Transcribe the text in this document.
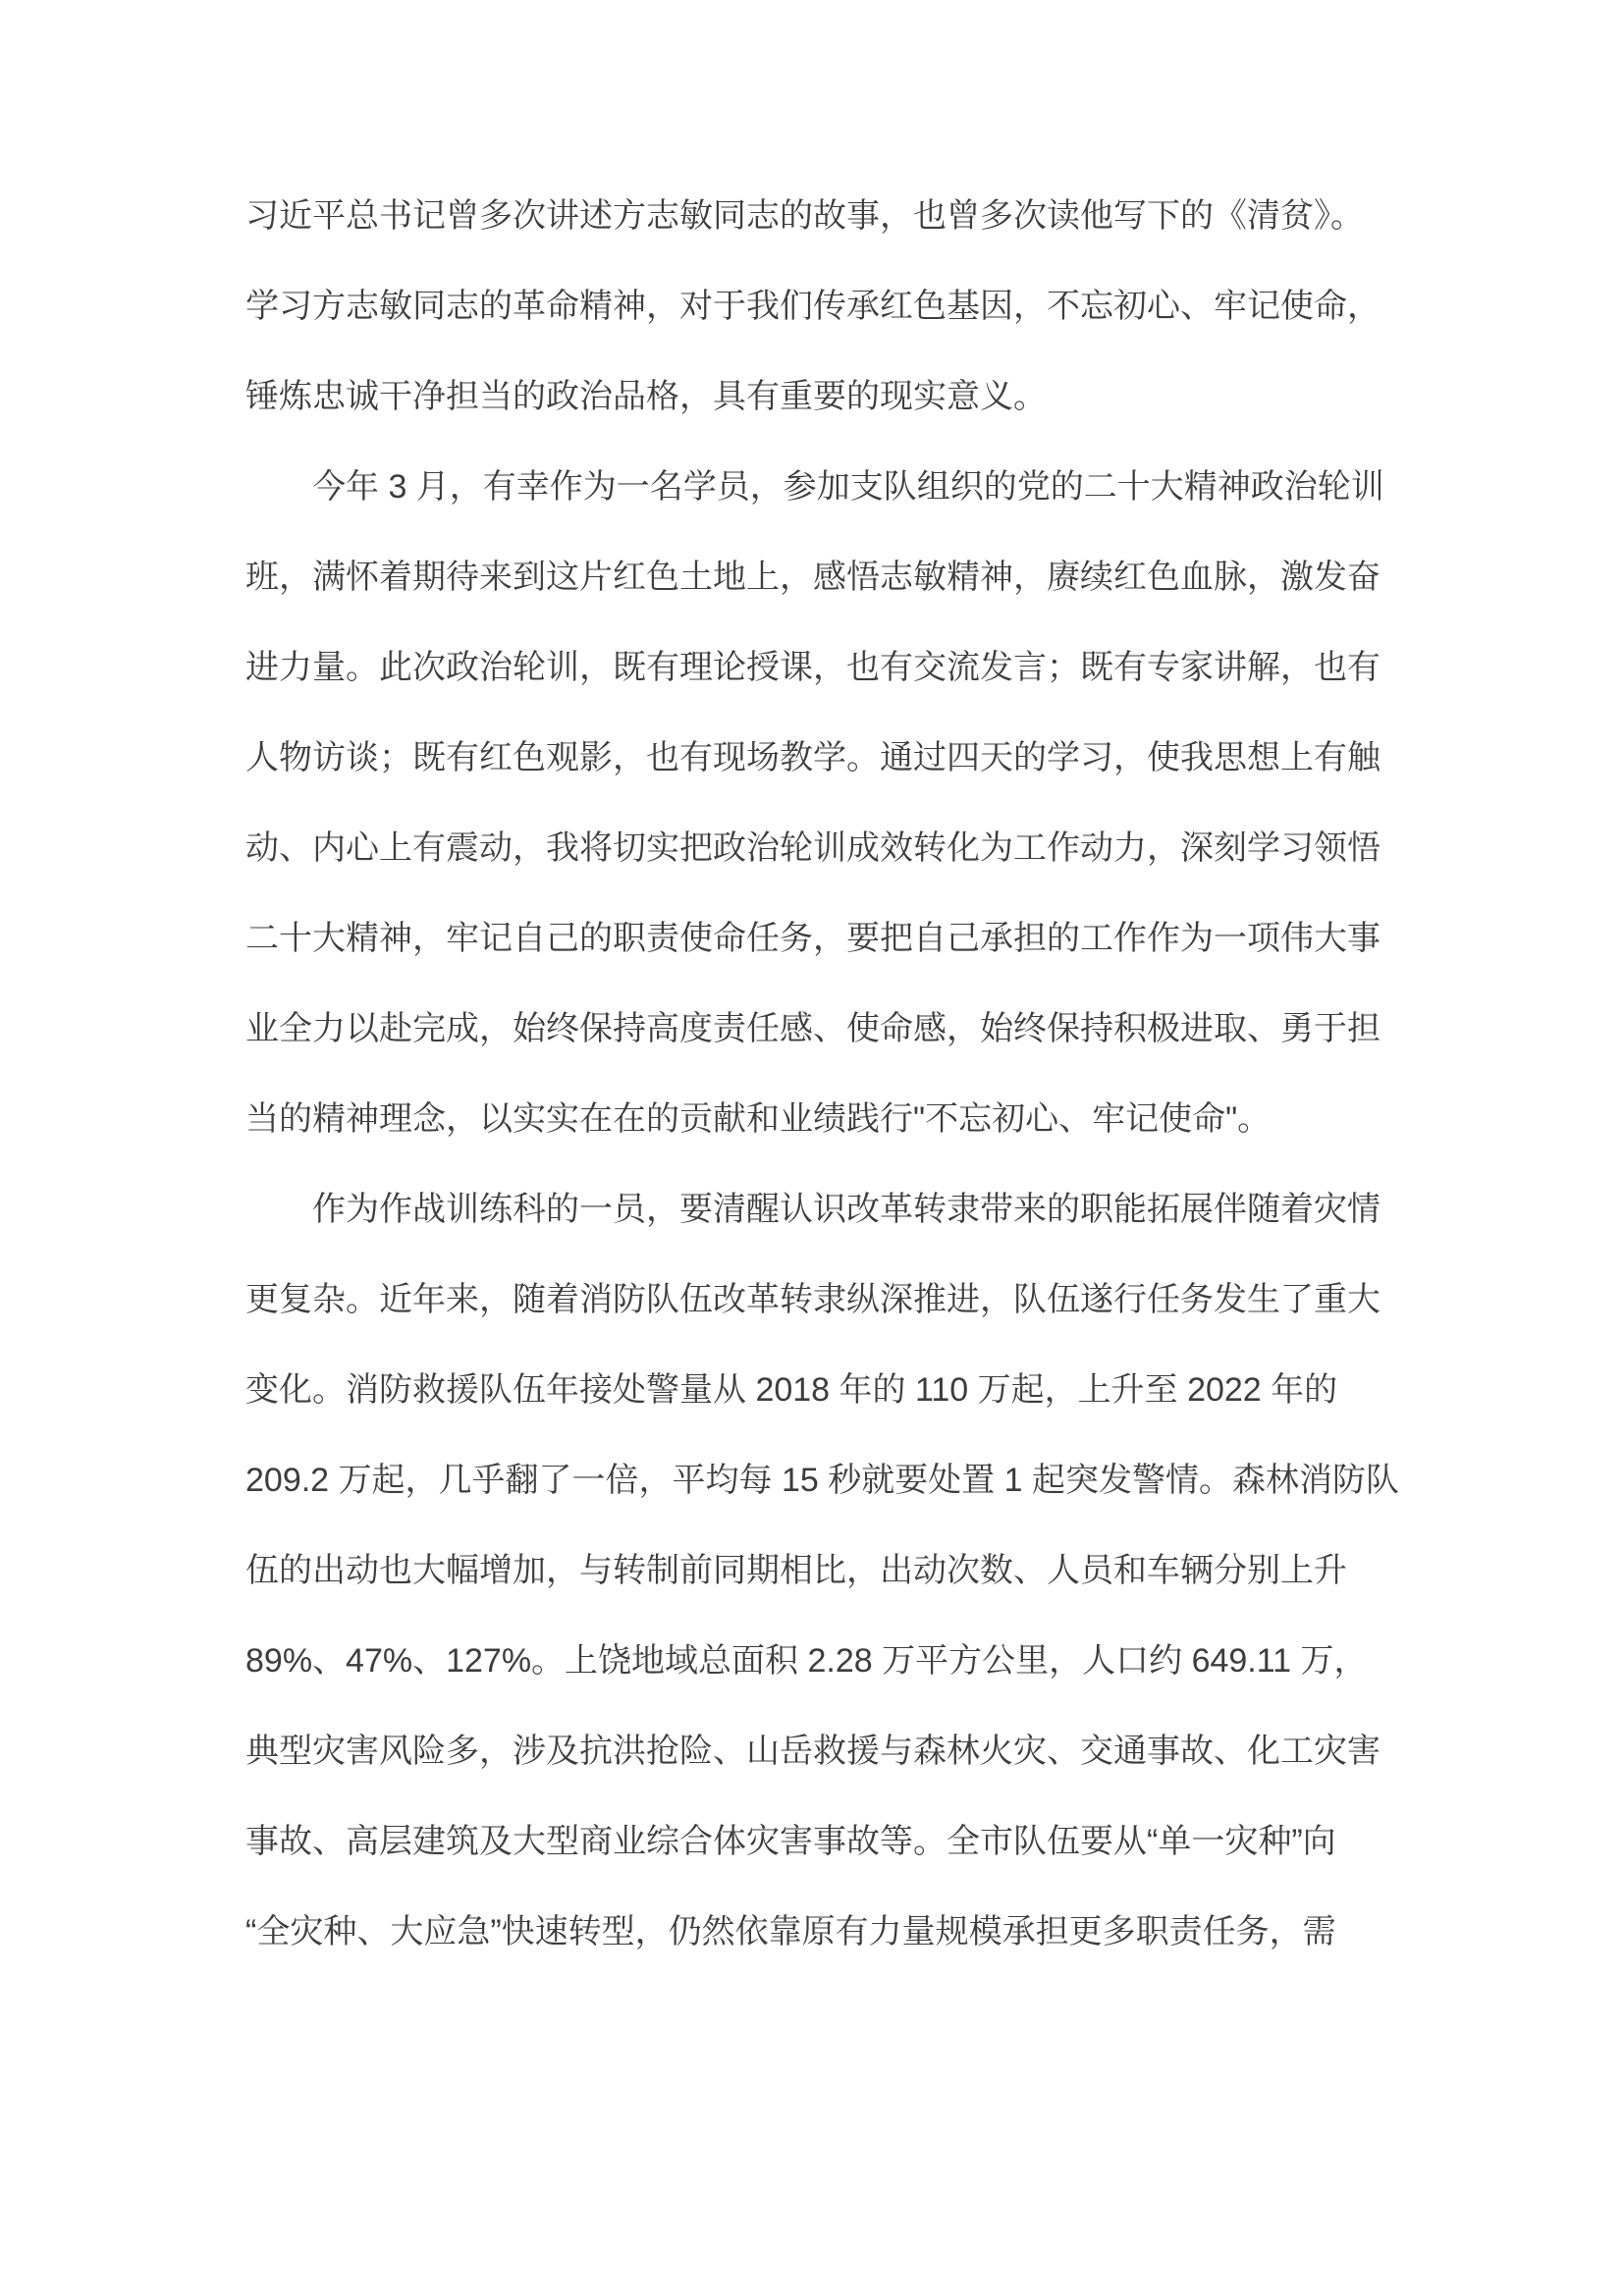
习近平总书记曾多次讲述方志敏同志的故事，也曾多次读他写下的《清贫》。
学习方志敏同志的革命精神，对于我们传承红色基因，不忘初心、牢记使命，
锤炼忠诚干净担当的政治品格，具有重要的现实意义。
今年 3 月，有幸作为一名学员，参加支队组织的党的二十大精神政治轮训
班，满怀着期待来到这片红色土地上，感悟志敏精神，赓续红色血脉，激发奋
进力量。此次政治轮训，既有理论授课，也有交流发言；既有专家讲解，也有
人物访谈；既有红色观影，也有现场教学。通过四天的学习，使我思想上有触
动、内心上有震动，我将切实把政治轮训成效转化为工作动力，深刻学习领悟
二十大精神，牢记自己的职责使命任务，要把自己承担的工作作为一项伟大事
业全力以赴完成，始终保持高度责任感、使命感，始终保持积极进取、勇于担
当的精神理念，以实实在在的贡献和业绩践行"不忘初心、牢记使命"。
作为作战训练科的一员，要清醒认识改革转隶带来的职能拓展伴随着灾情
更复杂。近年来，随着消防队伍改革转隶纵深推进，队伍遂行任务发生了重大
变化。消防救援队伍年接处警量从 2018 年的 110 万起，上升至 2022 年的
209.2 万起，几乎翻了一倍，平均每 15 秒就要处置 1 起突发警情。森林消防队
伍的出动也大幅增加，与转制前同期相比，出动次数、人员和车辆分别上升
89%、47%、127%。上饶地域总面积 2.28 万平方公里，人口约 649.11 万，
典型灾害风险多，涉及抗洪抢险、山岳救援与森林火灾、交通事故、化工灾害
事故、高层建筑及大型商业综合体灾害事故等。全市队伍要从“单一灾种”向
“全灾种、大应急”快速转型，仍然依靠原有力量规模承担更多职责任务，需
